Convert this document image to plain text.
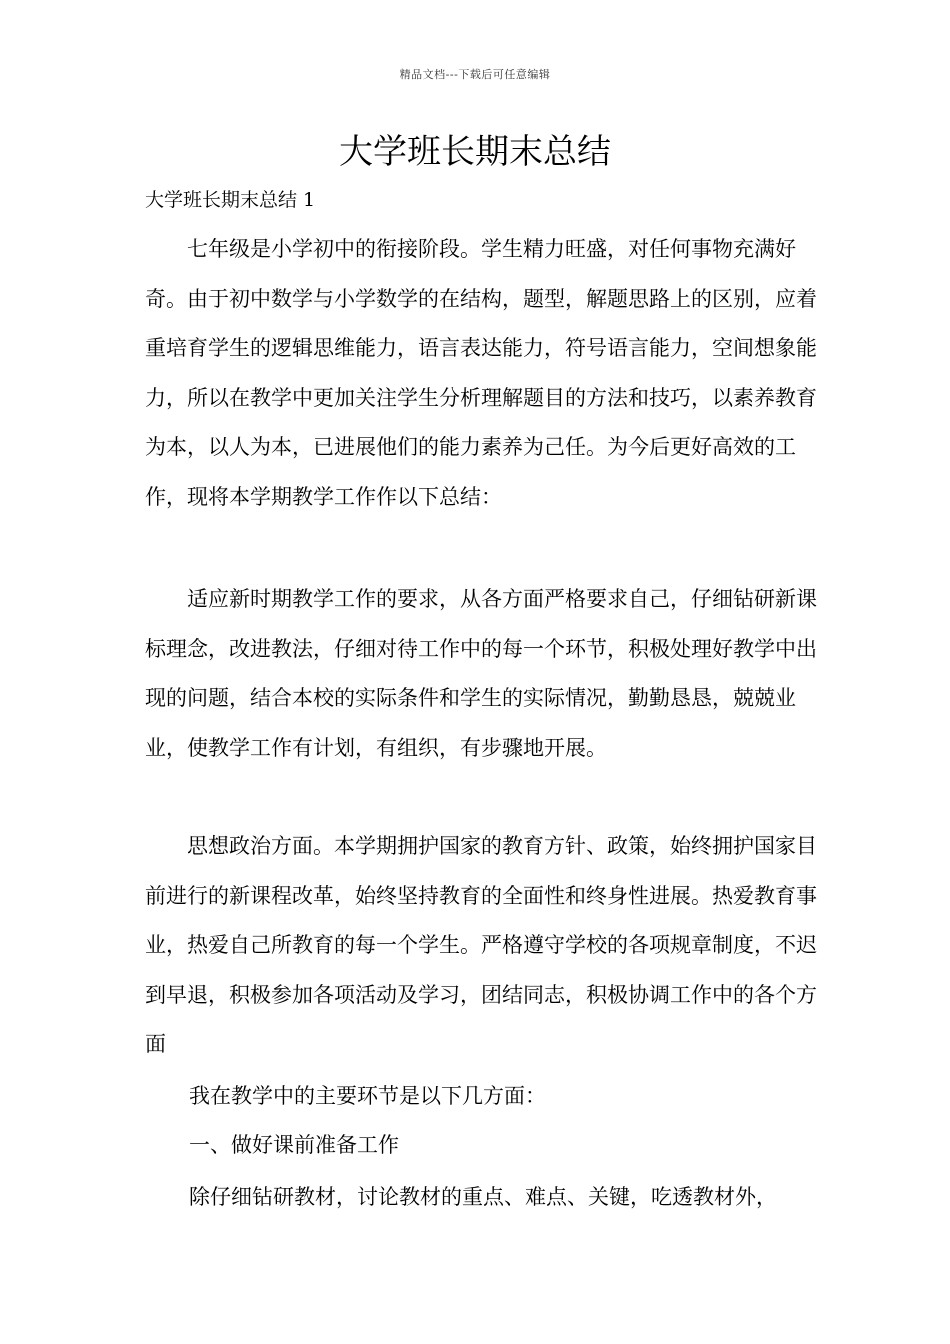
精品文档---下载后可任意编辑
大学班长期末总结

大学班长期末总结 1

七年级是小学初中的衔接阶段。学生精力旺盛，对任何事物充满好奇。由于初中数学与小学数学的在结构，题型，解题思路上的区别，应着重培育学生的逻辑思维能力，语言表达能力，符号语言能力，空间想象能力，所以在教学中更加关注学生分析理解题目的方法和技巧，以素养教育为本，以人为本，已进展他们的能力素养为己任。为今后更好高效的工作，现将本学期教学工作作以下总结：

适应新时期教学工作的要求，从各方面严格要求自己，仔细钻研新课标理念，改进教法，仔细对待工作中的每一个环节，积极处理好教学中出现的问题，结合本校的实际条件和学生的实际情况，勤勤恳恳，兢兢业业，使教学工作有计划，有组织，有步骤地开展。

思想政治方面。本学期拥护国家的教育方针、政策，始终拥护国家目前进行的新课程改革，始终坚持教育的全面性和终身性进展。热爱教育事业，热爱自己所教育的每一个学生。严格遵守学校的各项规章制度，不迟到早退，积极参加各项活动及学习，团结同志，积极协调工作中的各个方面

我在教学中的主要环节是以下几方面：

一、做好课前准备工作

除仔细钻研教材，讨论教材的重点、难点、关键，吃透教材外，
